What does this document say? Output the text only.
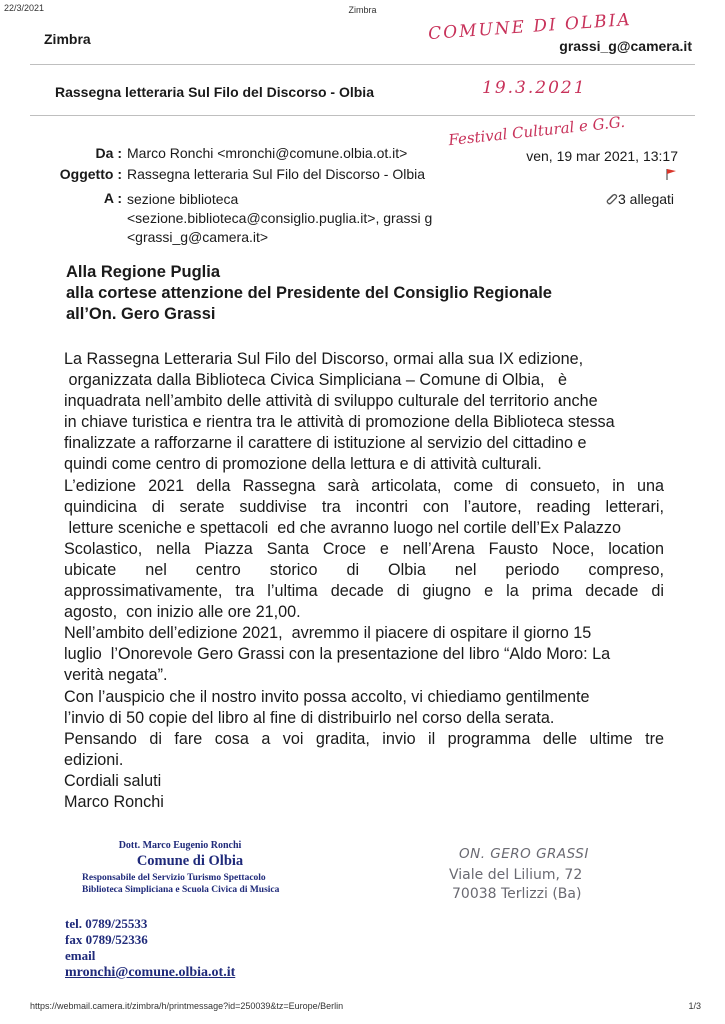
22/3/2021	Zimbra
Zimbra	grassi_g@camera.it
COMUNE DI OLBIA
Rassegna letteraria Sul Filo del Discorso - Olbia	19.3.2021
Festival Cultural e G.G.
Da : Marco Ronchi <mronchi@comune.olbia.ot.it>	ven, 19 mar 2021, 13:17
Oggetto : Rassegna letteraria Sul Filo del Discorso - Olbia
A : sezione biblioteca
<sezione.biblioteca@consiglio.puglia.it>, grassi g
<grassi_g@camera.it>
3 allegati
Alla Regione Puglia
alla cortese attenzione del Presidente del Consiglio Regionale
all’On. Gero Grassi

La Rassegna Letteraria Sul Filo del Discorso, ormai alla sua IX edizione,

organizzata dalla Biblioteca Civica Simpliciana – Comune di Olbia,   è

inquadrata nell’ambito delle attività di sviluppo culturale del territorio anche

in chiave turistica e rientra tra le attività di promozione della Biblioteca stessa

finalizzate a rafforzarne il carattere di istituzione al servizio del cittadino e

quindi come centro di promozione della lettura e di attività culturali.

L’edizione 2021 della Rassegna sarà articolata, come di consueto, in una

quindicina di serate suddivise tra incontri con l’autore, reading letterari,

letture sceniche e spettacoli  ed che avranno luogo nel cortile dell’Ex Palazzo

Scolastico, nella Piazza Santa Croce e nell’Arena Fausto Noce, location

ubicate nel centro storico di Olbia nel periodo compreso,

approssimativamente, tra l’ultima decade di giugno e la prima decade di

agosto,  con inizio alle ore 21,00.

Nell’ambito dell’edizione 2021,  avremmo il piacere di ospitare il giorno 15

luglio  l’Onorevole Gero Grassi con la presentazione del libro “Aldo Moro: La

verità negata”.

Con l’auspicio che il nostro invito possa accolto, vi chiediamo gentilmente

l’invio di 50 copie del libro al fine di distribuirlo nel corso della serata.

Pensando di fare cosa a voi gradita, invio il programma delle ultime tre

edizioni.

Cordiali saluti

Marco Ronchi

Dott. Marco Eugenio Ronchi
Comune di Olbia
Responsabile del Servizio Turismo Spettacolo
Biblioteca Simpliciana e Scuola Civica di Musica
tel. 0789/25533
fax 0789/52336
email
mronchi@comune.olbia.ot.it
ON. GERO GRASSI
Viale del Lilium, 72
70038 Terlizzi (Ba)
https://webmail.camera.it/zimbra/h/printmessage?id=250039&tz=Europe/Berlin	1/3
